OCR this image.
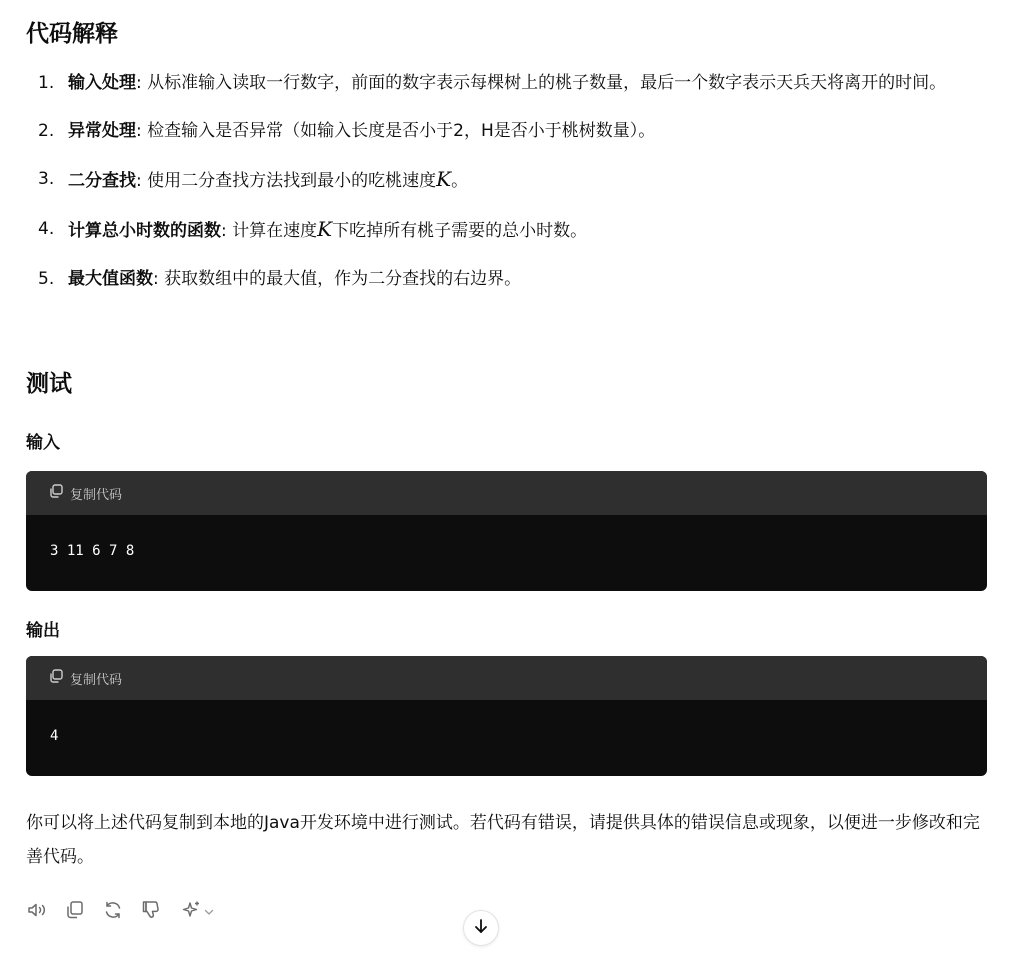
代码解释
1. 输入处理: 从标准输入读取一行数字，前面的数字表示每棵树上的桃子数量，最后一个数字表示天兵天将离开的时间。
2. 异常处理: 检查输入是否异常（如输入长度是否小于2，H是否小于桃树数量）。
3. 二分查找: 使用二分查找方法找到最小的吃桃速度K。
4. 计算总小时数的函数: 计算在速度K下吃掉所有桃子需要的总小时数。
5. 最大值函数: 获取数组中的最大值，作为二分查找的右边界。
测试
输入
复制代码
3 11 6 7 8
输出
复制代码
4

你可以将上述代码复制到本地的Java开发环境中进行测试。若代码有错误，请提供具体的错误信息或现象，以便进一步修改和完善代码。
